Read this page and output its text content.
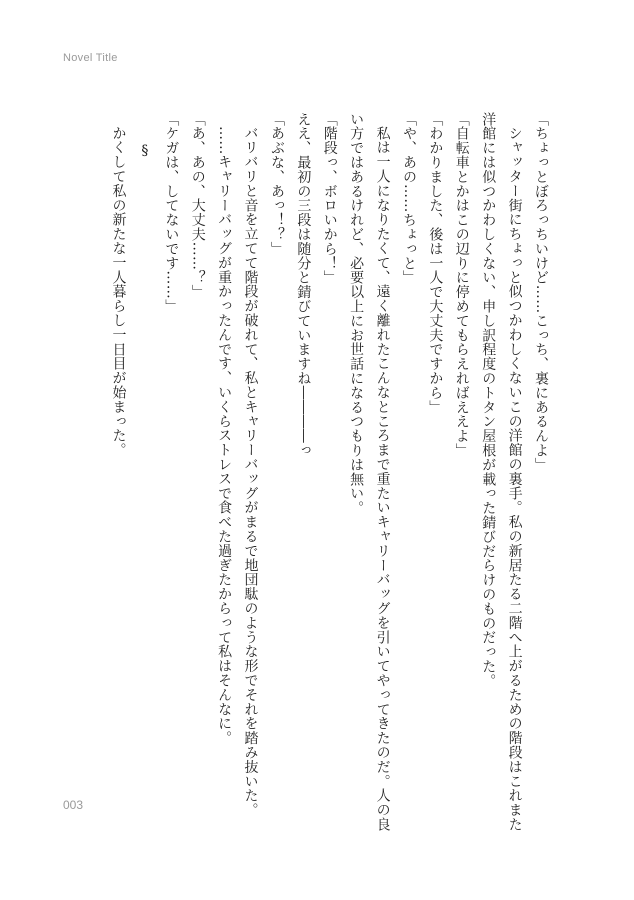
Novel Title

「ちょっとぼろっちいけど……こっち、裏にあるんよ」

シャッター街にちょっと似つかわしくないこの洋館の裏手。私の新居たる二階へ上がるための階段はこれまた洋館には似つかわしくない、申し訳程度のトタン屋根が載った錆びだらけのものだった。

「自転車とかはこの辺りに停めてもらえればええよ」

「わかりました、後は一人で大丈夫ですから」

「や、あの……ちょっと」

私は一人になりたくて、遠く離れたこんなところまで重たいキャリーバッグを引いてやってきたのだ。人の良い方ではあるけれど、必要以上にお世話になるつもりは無い。

「階段っ、ボロいから！」

ええ、最初の三段は随分と錆びていますね――――っ

「あぶな、あっ！？」

バリバリと音を立てて階段が破れて、私とキャリーバッグがまるで地団駄のような形でそれを踏み抜いた。

……キャリーバッグが重かったんです、いくらストレスで食べた過ぎたからって私はそんなに。

「あ、あの、大丈夫……？」

「ケガは、してないです……」

§

かくして私の新たな一人暮らし一日目が始まった。

003
